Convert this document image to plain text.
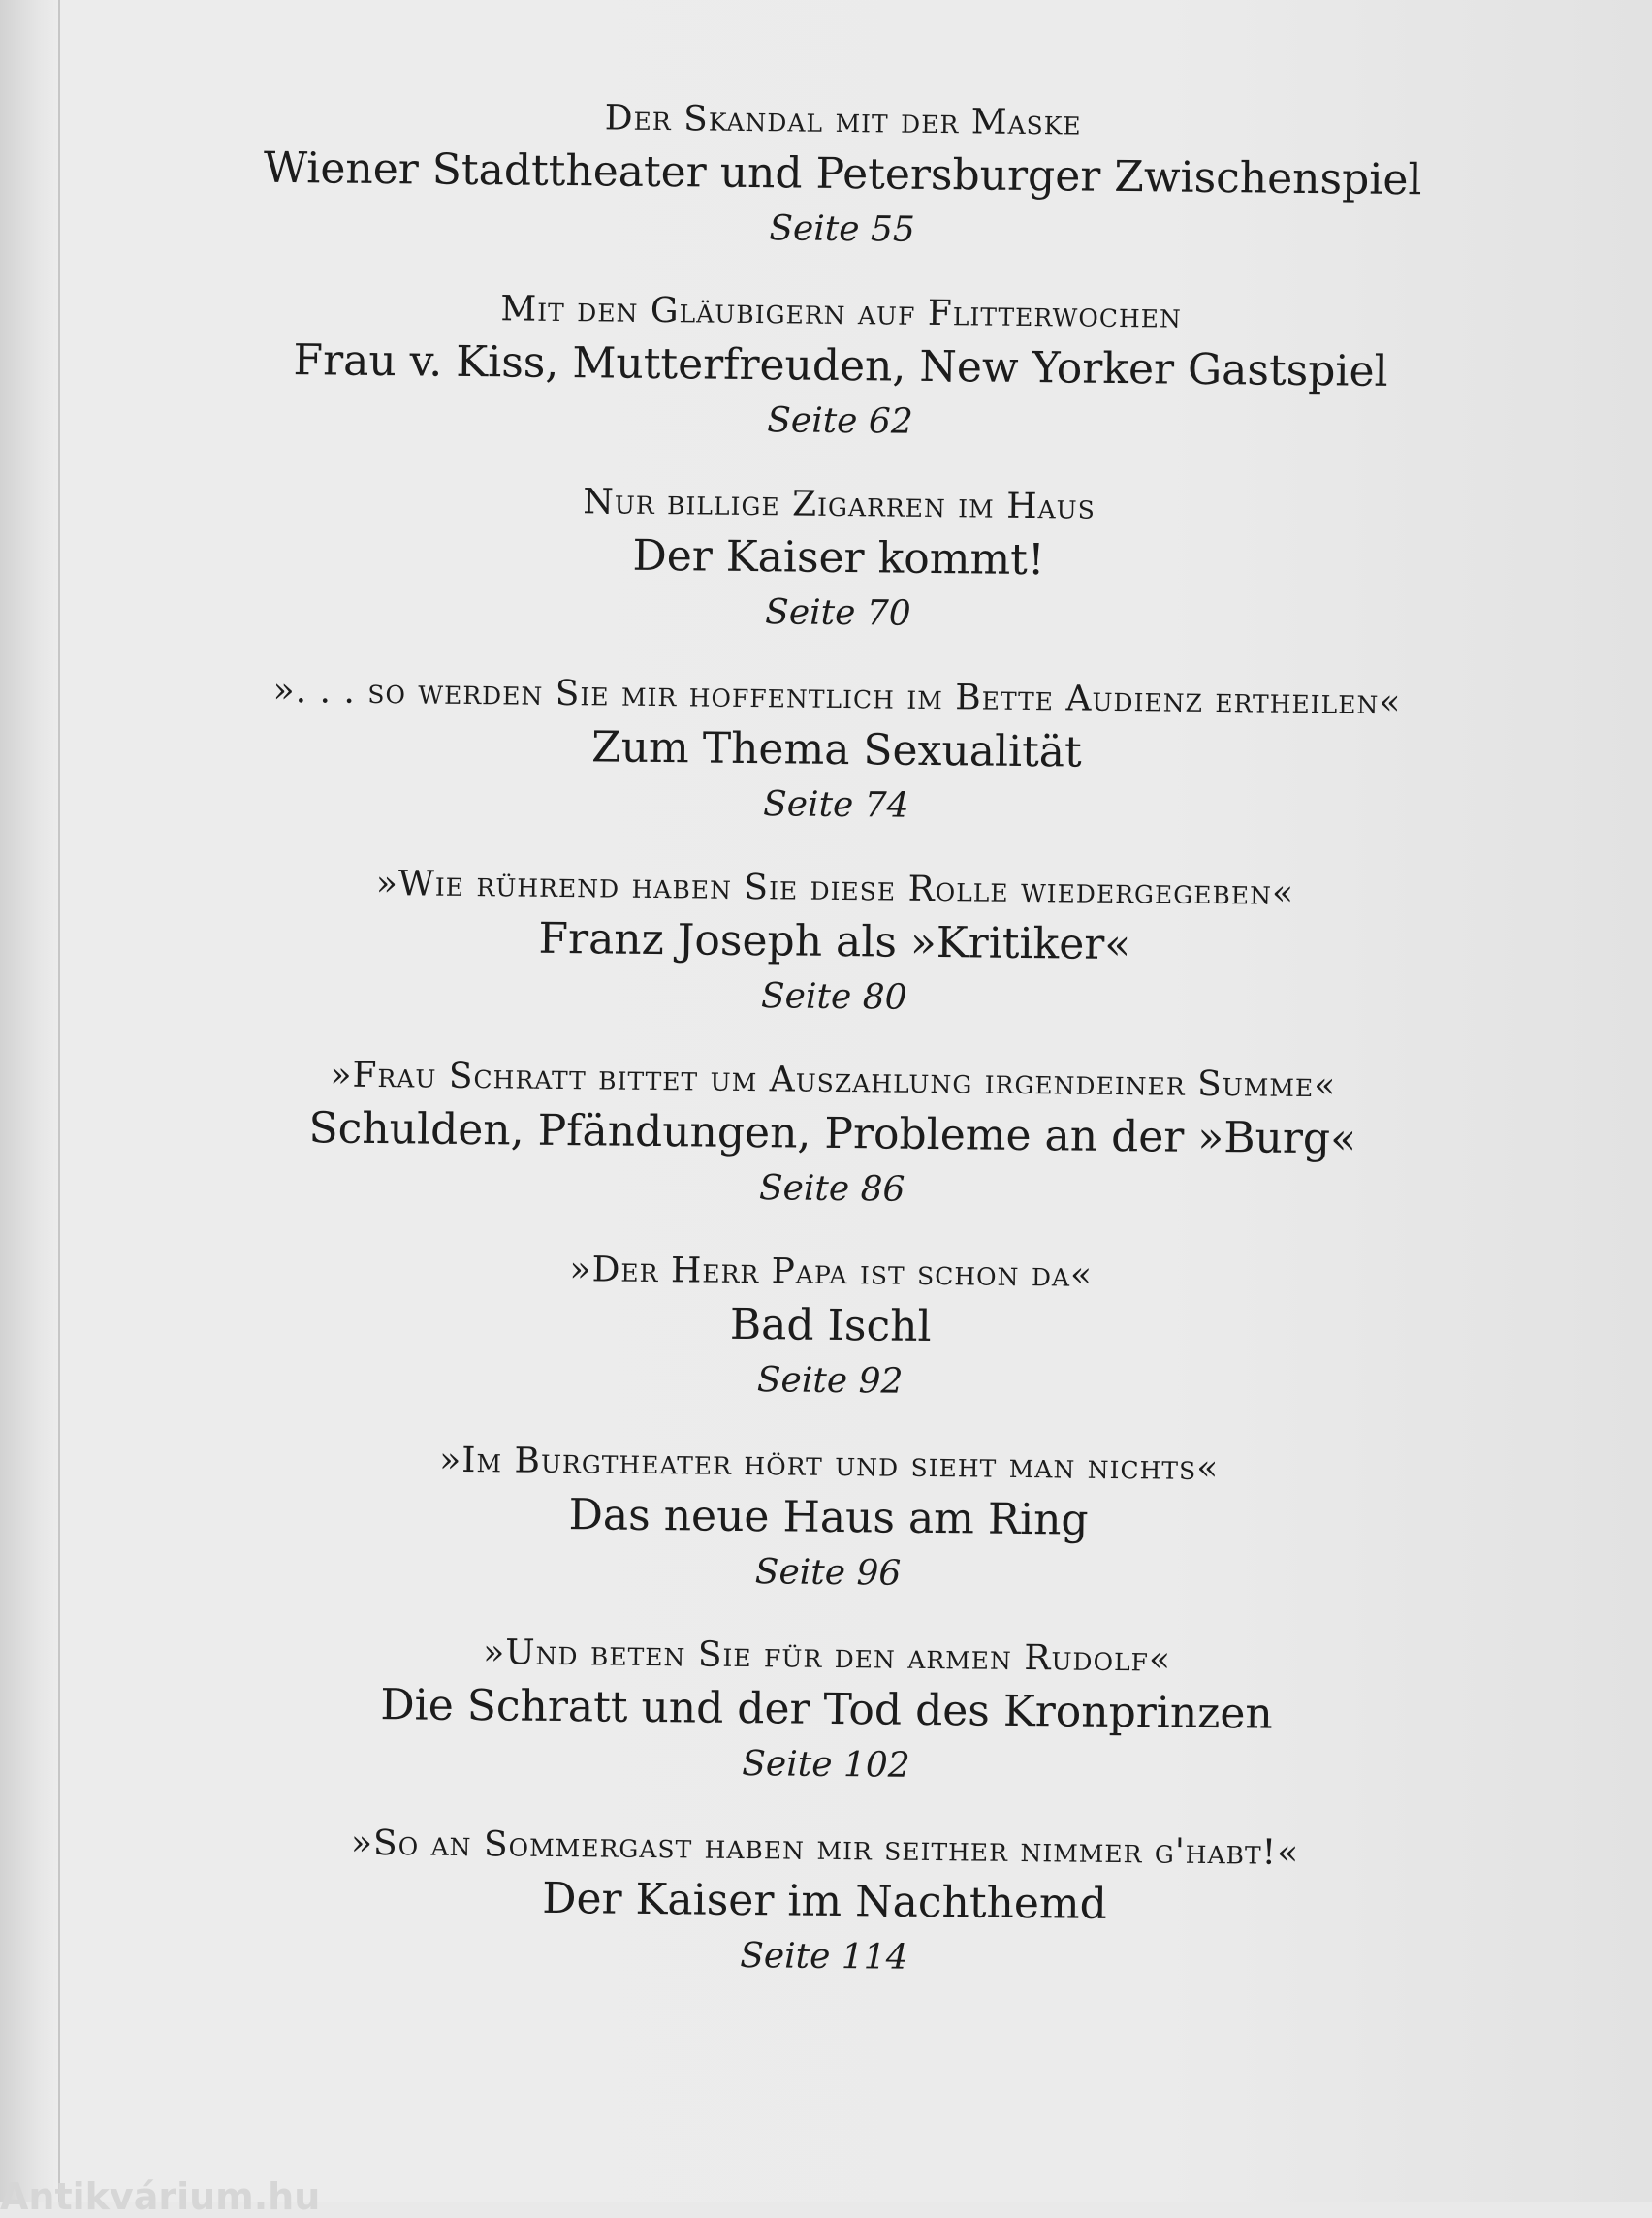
Der Skandal mit der Maske
Wiener Stadttheater und Petersburger Zwischenspiel
Seite 55
Mit den Gläubigern auf Flitterwochen
Frau v. Kiss, Mutterfreuden, New Yorker Gastspiel
Seite 62
Nur billige Zigarren im Haus
Der Kaiser kommt!
Seite 70
». . . so werden Sie mir hoffentlich im Bette Audienz ertheilen«
Zum Thema Sexualität
Seite 74
»Wie rührend haben Sie diese Rolle wiedergegeben«
Franz Joseph als »Kritiker«
Seite 80
»Frau Schratt bittet um Auszahlung irgendeiner Summe«
Schulden, Pfändungen, Probleme an der »Burg«
Seite 86
»Der Herr Papa ist schon da«
Bad Ischl
Seite 92
»Im Burgtheater hört und sieht man nichts«
Das neue Haus am Ring
Seite 96
»Und beten Sie für den armen Rudolf«
Die Schratt und der Tod des Kronprinzen
Seite 102
»So an Sommergast haben mir seither nimmer g'habt!«
Der Kaiser im Nachthemd
Seite 114
Antikvárium.hu
